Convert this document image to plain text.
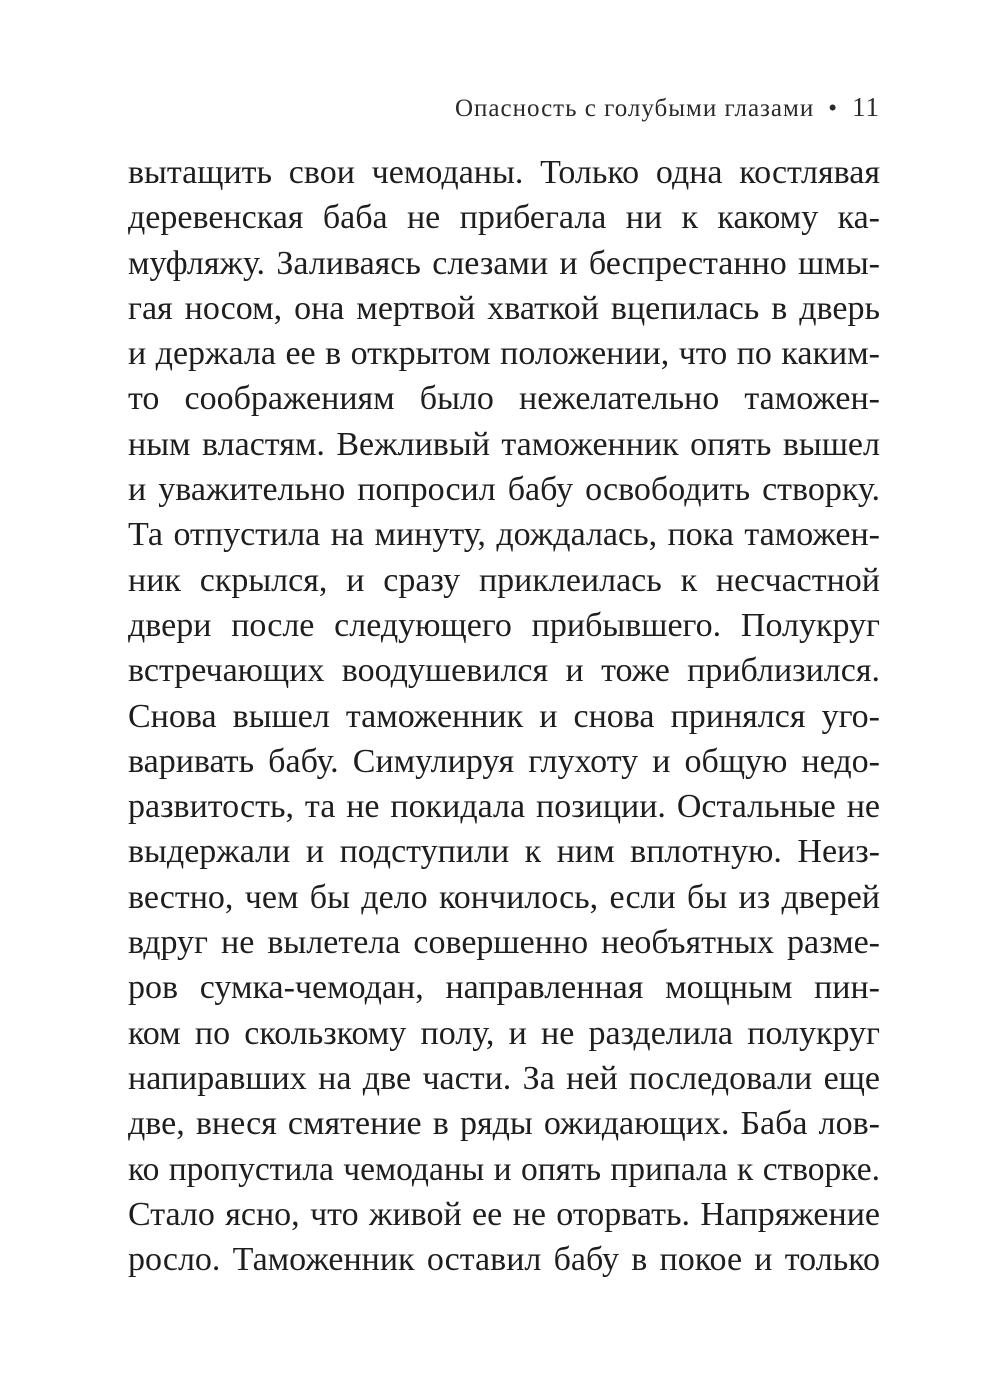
Опасность с голубыми глазами • 11
вытащить свои чемоданы. Только одна костлявая
деревенская баба не прибегала ни к какому ка-
муфляжу. Заливаясь слезами и беспрестанно шмы-
гая носом, она мертвой хваткой вцепилась в дверь
и держала ее в открытом положении, что по каким-
то соображениям было нежелательно таможен-
ным властям. Вежливый таможенник опять вышел
и уважительно попросил бабу освободить створку.
Та отпустила на минуту, дождалась, пока таможен-
ник скрылся, и сразу приклеилась к несчастной
двери после следующего прибывшего. Полукруг
встречающих воодушевился и тоже приблизился.
Снова вышел таможенник и снова принялся уго-
варивать бабу. Симулируя глухоту и общую недо-
развитость, та не покидала позиции. Остальные не
выдержали и подступили к ним вплотную. Неиз-
вестно, чем бы дело кончилось, если бы из дверей
вдруг не вылетела совершенно необъятных разме-
ров сумка-чемодан, направленная мощным пин-
ком по скользкому полу, и не разделила полукруг
напиравших на две части. За ней последовали еще
две, внеся смятение в ряды ожидающих. Баба лов-
ко пропустила чемоданы и опять припала к створке.
Стало ясно, что живой ее не оторвать. Напряжение
росло. Таможенник оставил бабу в покое и только
